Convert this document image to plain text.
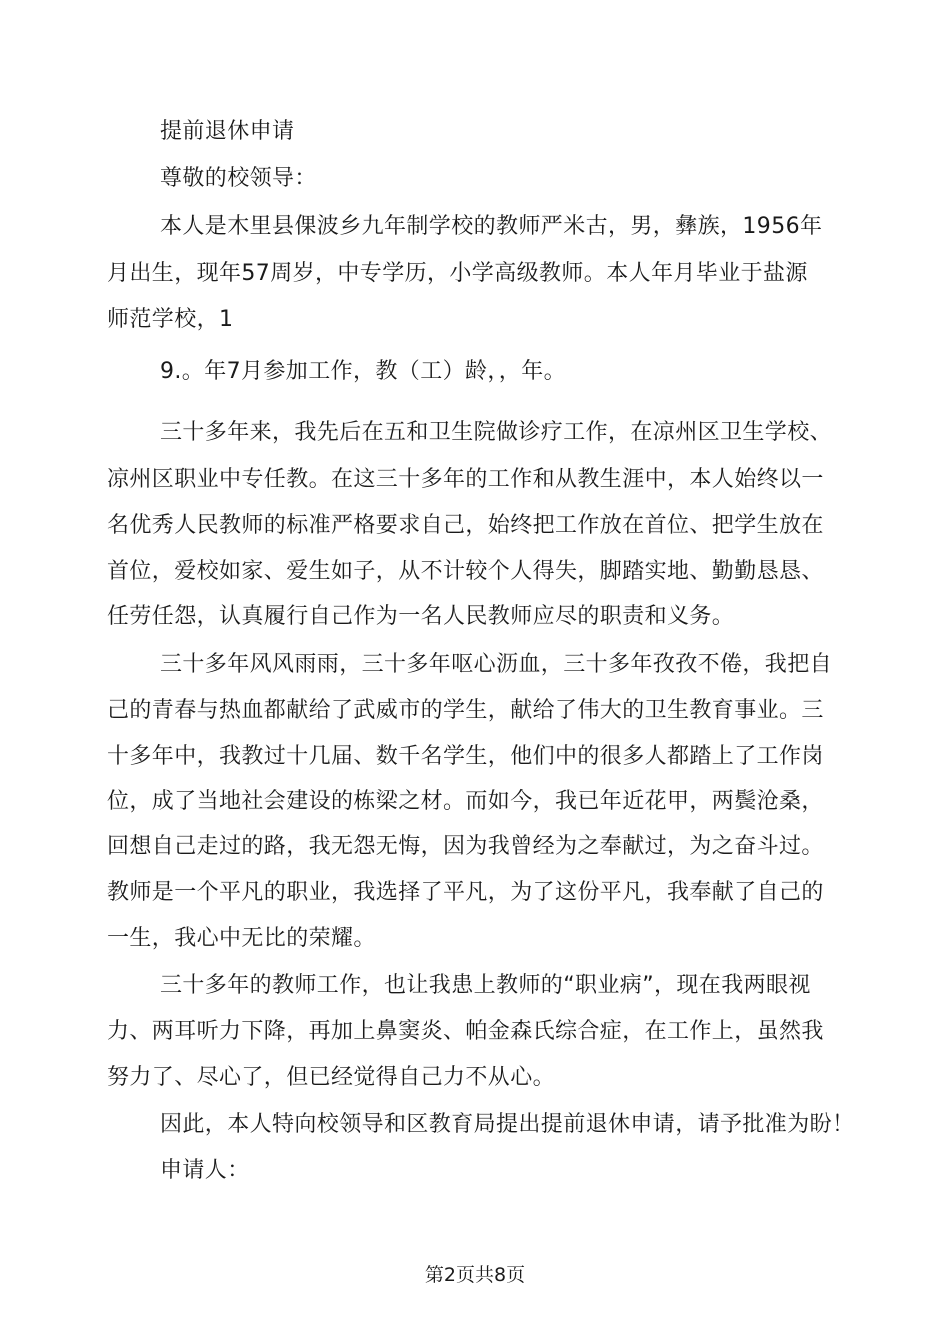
提前退休申请
尊敬的校领导：
本人是木里县倮波乡九年制学校的教师严米古，男，彝族，1956年
月出生，现年57周岁，中专学历，小学高级教师。本人年月毕业于盐源
师范学校，1
9.。年7月参加工作，教（工）龄，，年。
三十多年来，我先后在五和卫生院做诊疗工作，在凉州区卫生学校、
凉州区职业中专任教。在这三十多年的工作和从教生涯中，本人始终以一
名优秀人民教师的标准严格要求自己，始终把工作放在首位、把学生放在
首位，爱校如家、爱生如子，从不计较个人得失，脚踏实地、勤勤恳恳、
任劳任怨，认真履行自己作为一名人民教师应尽的职责和义务。
三十多年风风雨雨，三十多年呕心沥血，三十多年孜孜不倦，我把自
己的青春与热血都献给了武威市的学生，献给了伟大的卫生教育事业。三
十多年中，我教过十几届、数千名学生，他们中的很多人都踏上了工作岗
位，成了当地社会建设的栋梁之材。而如今，我已年近花甲，两鬓沧桑，
回想自己走过的路，我无怨无悔，因为我曾经为之奉献过，为之奋斗过。
教师是一个平凡的职业，我选择了平凡，为了这份平凡，我奉献了自己的
一生，我心中无比的荣耀。
三十多年的教师工作，也让我患上教师的“职业病”，现在我两眼视
力、两耳听力下降，再加上鼻窦炎、帕金森氏综合症，在工作上，虽然我
努力了、尽心了，但已经觉得自己力不从心。
因此，本人特向校领导和区教育局提出提前退休申请，请予批准为盼！
申请人：
第2页共8页
